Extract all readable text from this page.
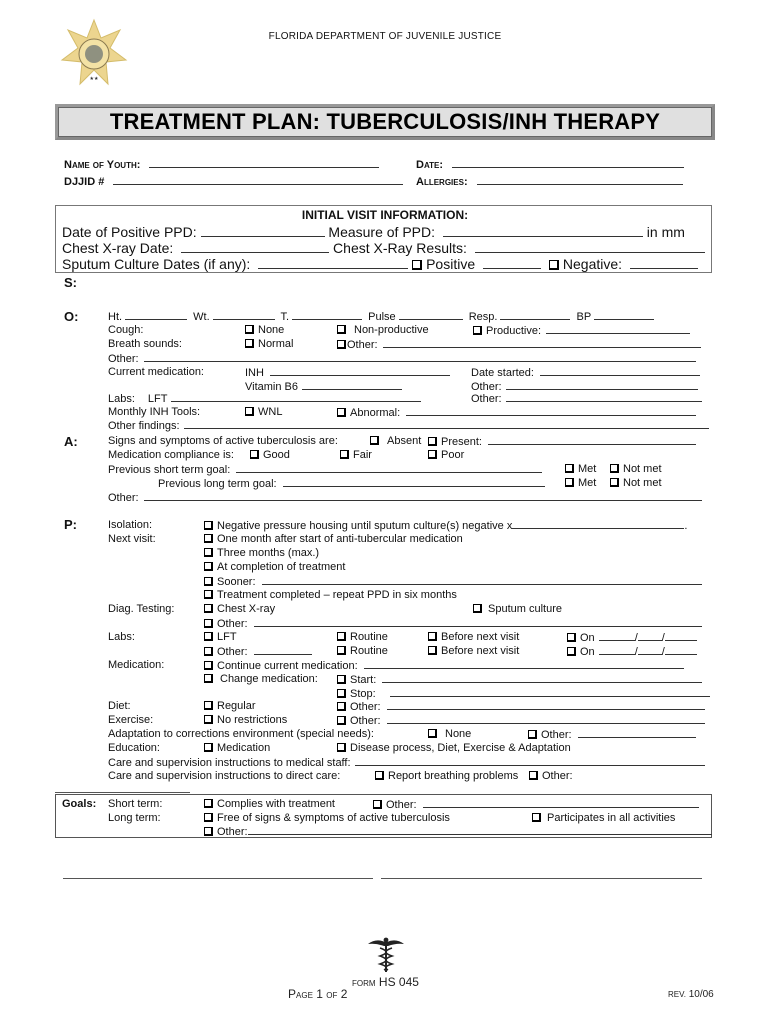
★★
FLORIDA DEPARTMENT OF JUVENILE JUSTICE
TREATMENT PLAN: TUBERCULOSIS/INH THERAPY
Name of Youth:	Date:
DJJID #	Allergies:
INITIAL VISIT INFORMATION:
Date of Positive PPD:	Measure of PPD:	in mm
Chest X-ray Date:	Chest X-Ray Results:
Sputum Culture Dates (if any):	Positive	Negative:
S:
O:	Ht.	Wt.	T.	Pulse	Resp.	BP
Cough:	None	Non-productive	Productive:
Breath sounds:	Normal	Other:
Other:
Current medication:	INH	Date started:
Vitamin B6	Other:
Labs: LFT	Other:
Monthly INH Tools:	WNL	Abnormal:
Other findings:
A:	Signs and symptoms of active tuberculosis are:	Absent	Present:
Medication compliance is:	Good	Fair	Poor
Previous short term goal:	Met	Not met
Previous long term goal:	Met	Not met
Other:
P:	Isolation:	Negative pressure housing until sputum culture(s) negative x	.
Next visit:	One month after start of anti-tubercular medication
Three months (max.)
At completion of treatment
Sooner:
Treatment completed – repeat PPD in six months
Diag. Testing:	Chest X-ray	Sputum culture
Other:
Labs:	LFT	Routine	Before next visit	On	/ /
Other:	Routine	Before next visit	On	/ /
Medication:	Continue current medication:
Change medication:	Start:
Stop:
Diet:	Regular	Other:
Exercise:	No restrictions	Other:
Adaptation to corrections environment (special needs):	None	Other:
Education:	Medication	Disease process, Diet, Exercise & Adaptation
Care and supervision instructions to medical staff:
Care and supervision instructions to direct care:	Report breathing problems	Other:
Goals: Short term:	Complies with treatment	Other:
Long term:	Free of signs & symptoms of active tuberculosis	Participates in all activities
Other:
FORM HS 045
Page 1 OF 2	REV. 10/06
